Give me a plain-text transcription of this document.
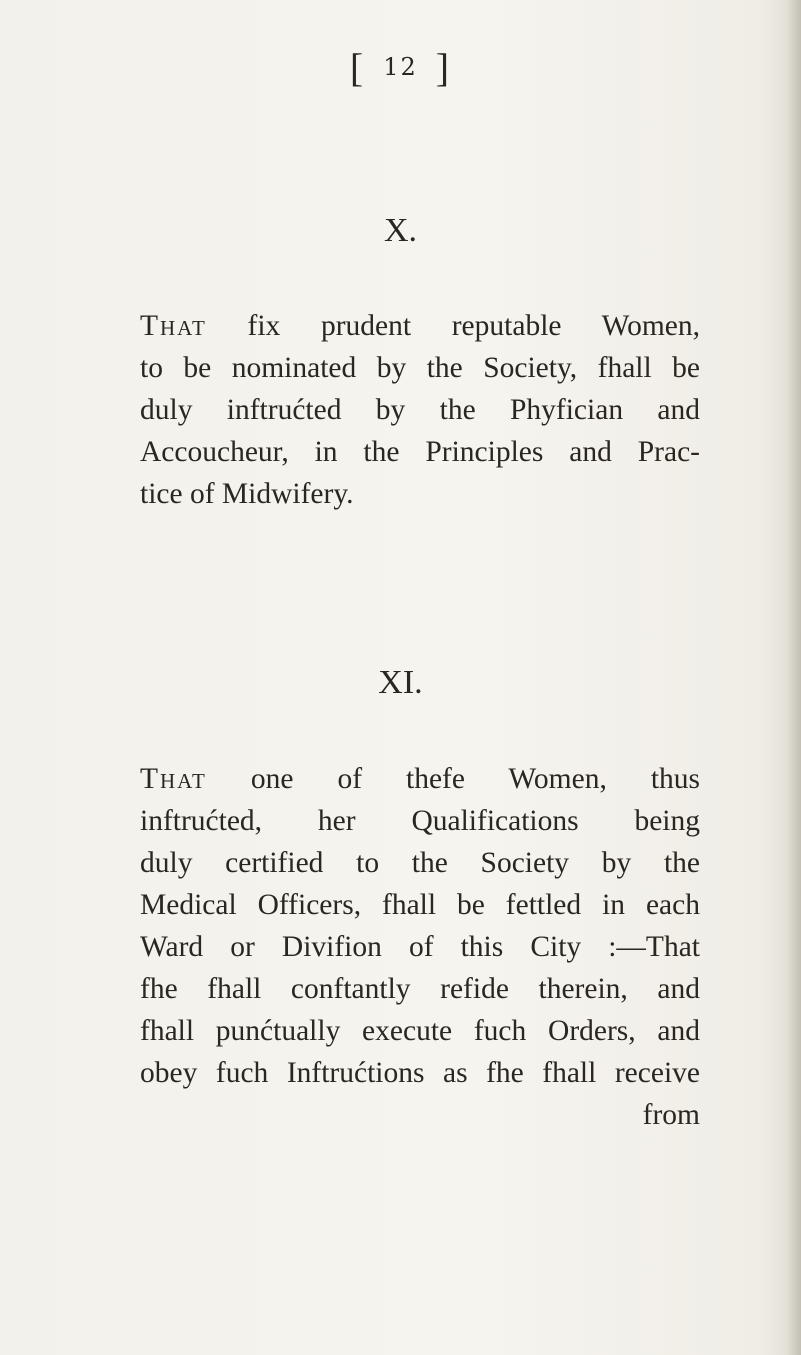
[ $^{12}$ ]
X.
That fix prudent reputable Women,
to be nominated by the Society, fhall be
duly inftrućted by the Phyfician and
Accoucheur, in the Principles and Prac-
tice of Midwifery.
XI.
That one of thefe Women, thus
inftrućted, her Qualifications being
duly certified to the Society by the
Medical Officers, fhall be fettled in each
Ward or Divifion of this City :—That
fhe fhall conftantly refide therein, and
fhall punćtually execute fuch Orders, and
obey fuch Inftrućtions as fhe fhall receive
from
